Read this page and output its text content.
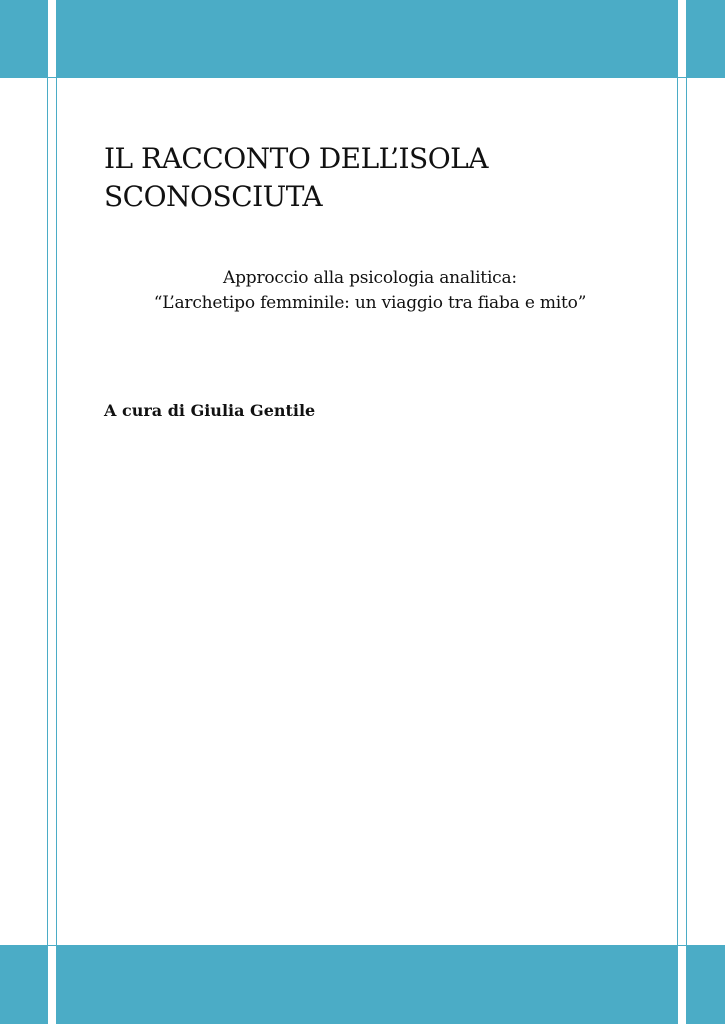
IL RACCONTO DELL’ISOLA
SCONOSCIUTA
Approccio alla psicologia analitica:
“L’archetipo femminile: un viaggio tra fiaba e mito”
A cura di Giulia Gentile
